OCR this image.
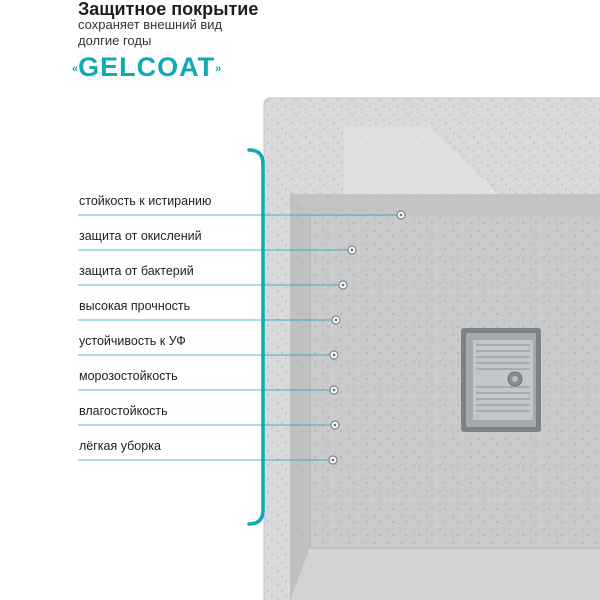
Защитное покрытие
сохраняет внешний вид
долгие годы
«GELCOAT»
стойкость к истиранию
защита от окислений
защита от бактерий
высокая прочность
устойчивость к УФ
морозостойкость
влагостойкость
лёгкая уборка
